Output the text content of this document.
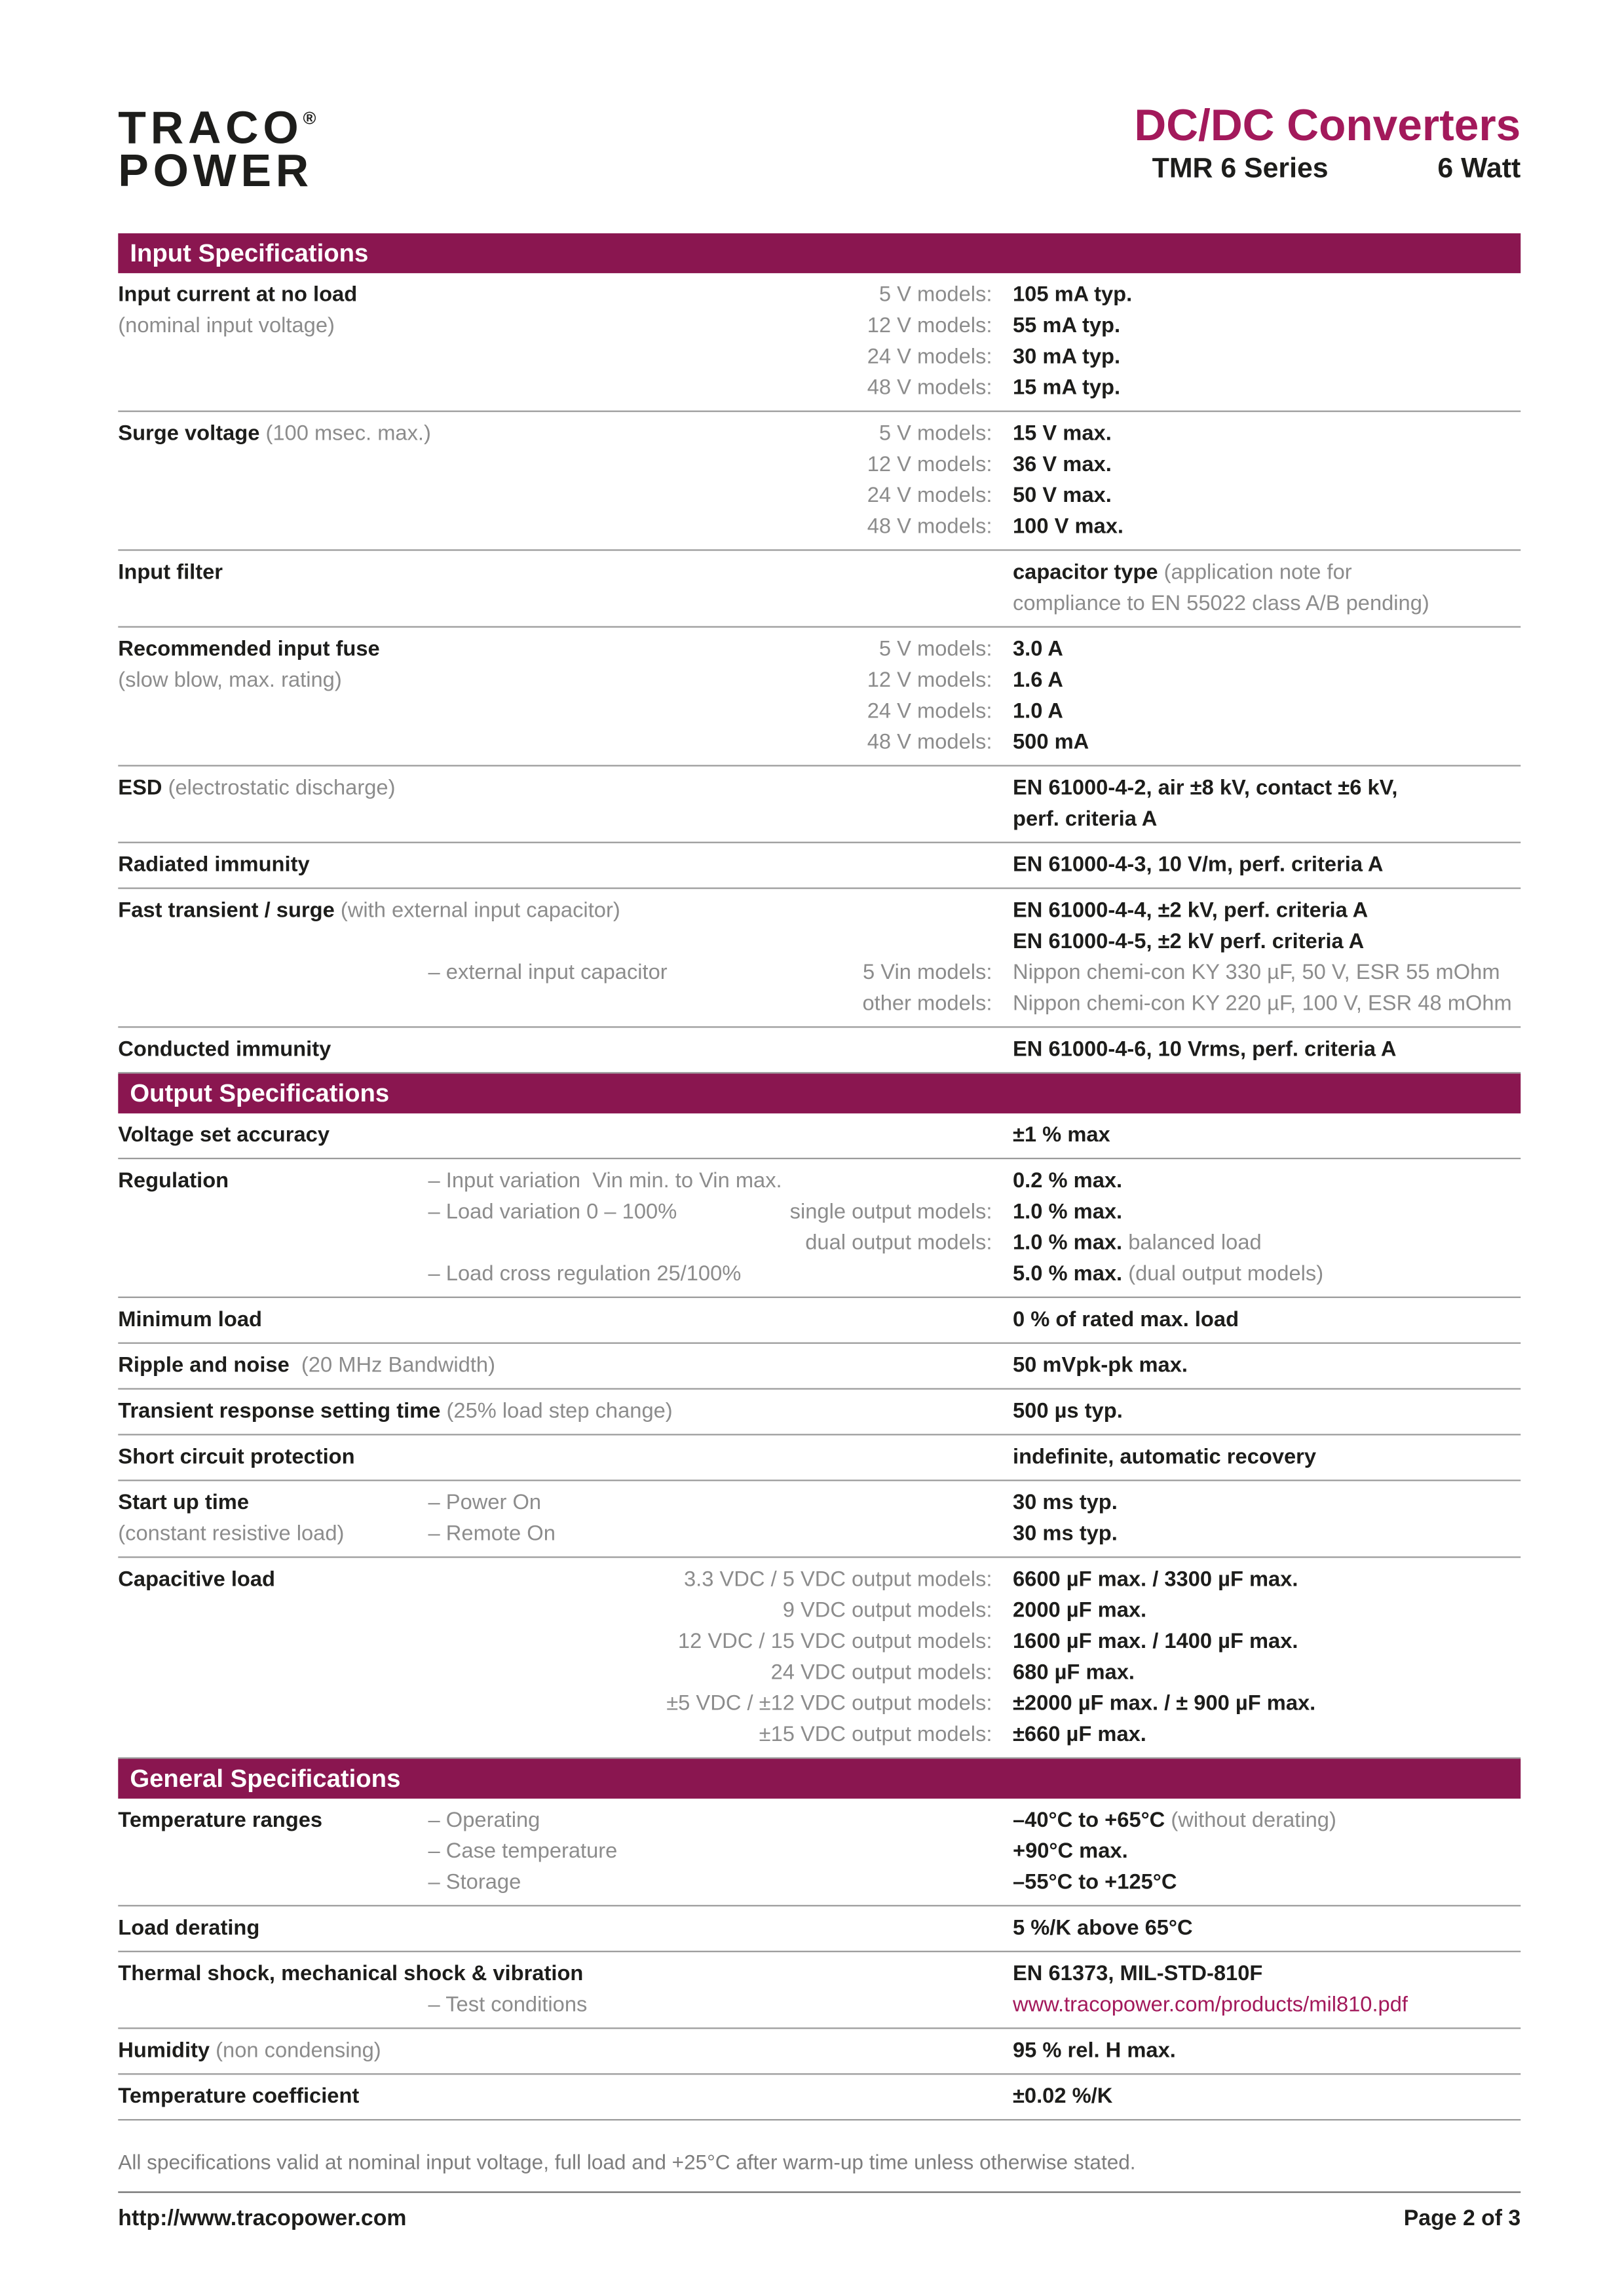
TRACO®
POWER
DC/DC Converters
TMR 6 Series	6 Watt
Input Specifications
Input current at no load	5 V models: 105 mA typ.
(nominal input voltage)	12 V models: 55 mA typ.
24 V models: 30 mA typ.
48 V models: 15 mA typ.
Surge voltage (100 msec. max.)	5 V models: 15 V max.
12 V models: 36 V max.
24 V models: 50 V max.
48 V models: 100 V max.
Input filter	capacitor type (application note for
compliance to EN 55022 class A/B pending)
Recommended input fuse	5 V models: 3.0 A
(slow blow, max. rating)	12 V models: 1.6 A
24 V models: 1.0 A
48 V models: 500 mA
ESD (electrostatic discharge)	EN 61000-4-2, air ±8 kV, contact ±6 kV,
perf. criteria A
Radiated immunity	EN 61000-4-3, 10 V/m, perf. criteria A
Fast transient / surge (with external input capacitor)	EN 61000-4-4, ±2 kV, perf. criteria A
EN 61000-4-5, ±2 kV perf. criteria A
– external input capacitor	5 Vin models: Nippon chemi-con KY 330 µF, 50 V, ESR 55 mOhm
other models: Nippon chemi-con KY 220 µF, 100 V, ESR 48 mOhm
Conducted immunity	EN 61000-4-6, 10 Vrms, perf. criteria A
Output Specifications
Voltage set accuracy	±1 % max
Regulation	– Input variation  Vin min. to Vin max.	0.2 % max.
– Load variation 0 – 100%	single output models: 1.0 % max.
dual output models: 1.0 % max. balanced load
– Load cross regulation 25/100%	5.0 % max. (dual output models)
Minimum load	0 % of rated max. load
Ripple and noise  (20 MHz Bandwidth)	50 mVpk-pk max.
Transient response setting time (25% load step change)	500 µs typ.
Short circuit protection	indefinite, automatic recovery
Start up time	– Power On	30 ms typ.
(constant resistive load)	– Remote On	30 ms typ.
Capacitive load	3.3 VDC / 5 VDC output models: 6600 µF max. / 3300 µF max.
9 VDC output models: 2000 µF max.
12 VDC / 15 VDC output models: 1600 µF max. / 1400 µF max.
24 VDC output models: 680 µF max.
±5 VDC / ±12 VDC output models: ±2000 µF max. / ± 900 µF max.
±15 VDC output models: ±660 µF max.
General Specifications
Temperature ranges	– Operating	–40°C to +65°C (without derating)
– Case temperature	+90°C max.
– Storage	–55°C to +125°C
Load derating	5 %/K above 65°C
Thermal shock, mechanical shock & vibration	EN 61373, MIL-STD-810F
– Test conditions	www.tracopower.com/products/mil810.pdf
Humidity (non condensing)	95 % rel. H max.
Temperature coefficient	±0.02 %/K
All specifications valid at nominal input voltage, full load and +25°C after warm-up time unless otherwise stated.
http://www.tracopower.com	Page 2 of 3
